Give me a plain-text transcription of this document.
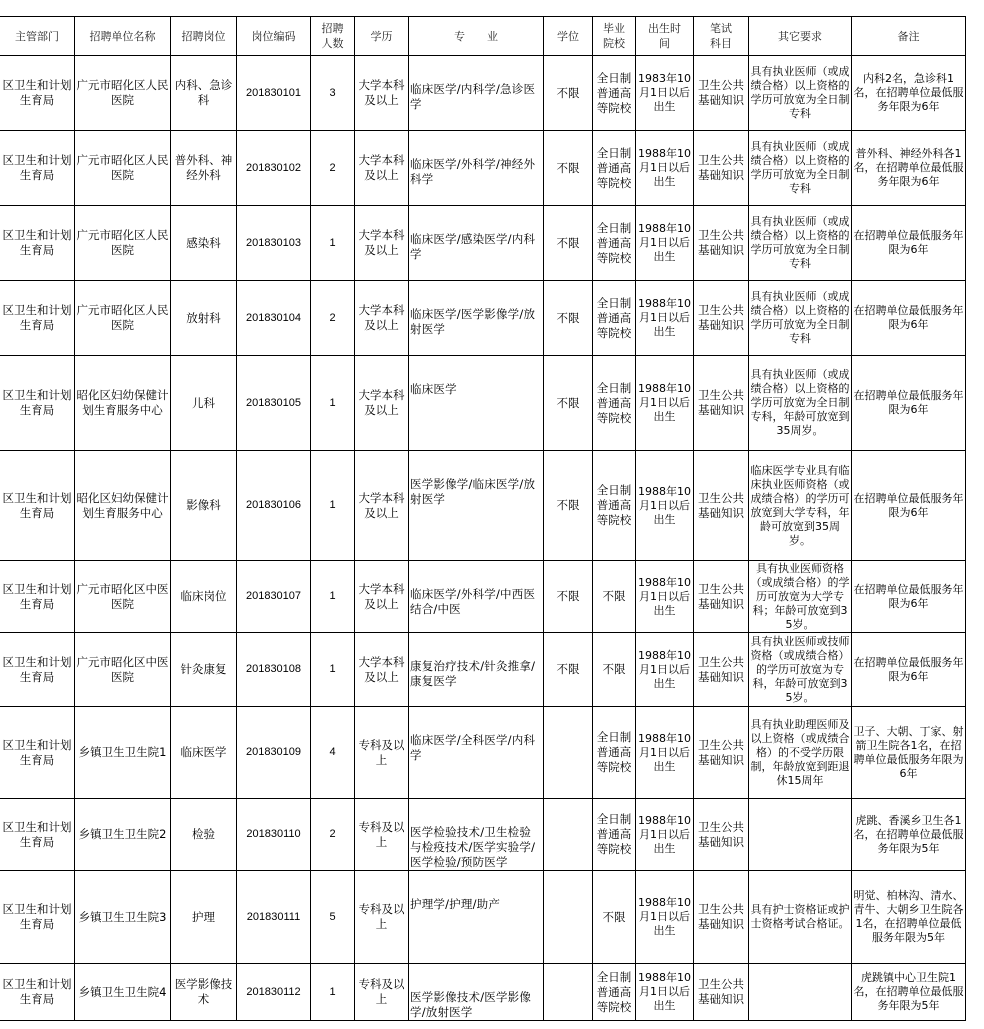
主管部门	招聘单位名称	招聘岗位	岗位编码	招聘人数	学历	专　　业	学位	毕业院校	出生时间	笔试科目	其它要求	备注
区卫生和计划生育局	广元市昭化区人民医院	内科、急诊科	201830101	3	大学本科及以上	临床医学/内科学/急诊医学	不限	全日制普通高等院校	1983年10月1日以后出生	卫生公共基础知识	具有执业医师（或成绩合格）以上资格的学历可放宽为全日制专科	内科2名，急诊科1名，在招聘单位最低服务年限为6年
区卫生和计划生育局	广元市昭化区人民医院	普外科、神经外科	201830102	2	大学本科及以上	临床医学/外科学/神经外科学	不限	全日制普通高等院校	1988年10月1日以后出生	卫生公共基础知识	具有执业医师（或成绩合格）以上资格的学历可放宽为全日制专科	普外科、神经外科各1名，在招聘单位最低服务年限为6年
区卫生和计划生育局	广元市昭化区人民医院	感染科	201830103	1	大学本科及以上	临床医学/感染医学/内科学	不限	全日制普通高等院校	1988年10月1日以后出生	卫生公共基础知识	具有执业医师（或成绩合格）以上资格的学历可放宽为全日制专科	在招聘单位最低服务年限为6年
区卫生和计划生育局	广元市昭化区人民医院	放射科	201830104	2	大学本科及以上	临床医学/医学影像学/放射医学	不限	全日制普通高等院校	1988年10月1日以后出生	卫生公共基础知识	具有执业医师（或成绩合格）以上资格的学历可放宽为全日制专科	在招聘单位最低服务年限为6年
区卫生和计划生育局	昭化区妇幼保健计划生育服务中心	儿科	201830105	1	大学本科及以上	临床医学	不限	全日制普通高等院校	1988年10月1日以后出生	卫生公共基础知识	具有执业医师（或成绩合格）以上资格的学历可放宽为全日制专科，年龄可放宽到35周岁。	在招聘单位最低服务年限为6年
区卫生和计划生育局	昭化区妇幼保健计划生育服务中心	影像科	201830106	1	大学本科及以上	医学影像学/临床医学/放射医学	不限	全日制普通高等院校	1988年10月1日以后出生	卫生公共基础知识	临床医学专业具有临床执业医师资格（或成绩合格）的学历可放宽到大学专科，年龄可放宽到35周岁。	在招聘单位最低服务年限为6年
区卫生和计划生育局	广元市昭化区中医医院	临床岗位	201830107	1	大学本科及以上	临床医学/外科学/中西医结合/中医	不限	不限	1988年10月1日以后出生	卫生公共基础知识	具有执业医师资格（或成绩合格）的学历可放宽为大学专科；年龄可放宽到35岁。	在招聘单位最低服务年限为6年
区卫生和计划生育局	广元市昭化区中医医院	针灸康复	201830108	1	大学本科及以上	康复治疗技术/针灸推拿/康复医学	不限	不限	1988年10月1日以后出生	卫生公共基础知识	具有执业医师或技师资格（或成绩合格）的学历可放宽为专科，年龄可放宽到35岁。	在招聘单位最低服务年限为6年
区卫生和计划生育局	乡镇卫生卫生院1	临床医学	201830109	4	专科及以上	临床医学/全科医学/内科学		全日制普通高等院校	1988年10月1日以后出生	卫生公共基础知识	具有执业助理医师及以上资格（或成绩合格）的不受学历限制，年龄放宽到距退休15周年	卫子、大朝、丁家、射箭卫生院各1名，在招聘单位最低服务年限为6年
区卫生和计划生育局	乡镇卫生卫生院2	检验	201830110	2	专科及以上	医学检验技术/卫生检验与检疫技术/医学实验学/医学检验/预防医学		全日制普通高等院校	1988年10月1日以后出生	卫生公共基础知识		虎跳、香溪乡卫生各1名，在招聘单位最低服务年限为5年
区卫生和计划生育局	乡镇卫生卫生院3	护理	201830111	5	专科及以上	护理学/护理/助产		不限	1988年10月1日以后出生	卫生公共基础知识	具有护士资格证或护士资格考试合格证。	明觉、柏林沟、清水、青牛、大朝乡卫生院各1名，在招聘单位最低服务年限为5年
区卫生和计划生育局	乡镇卫生卫生院4	医学影像技术	201830112	1	专科及以上	医学影像技术/医学影像学/放射医学		全日制普通高等院校	1988年10月1日以后出生	卫生公共基础知识		虎跳镇中心卫生院1名，在招聘单位最低服务年限为5年
